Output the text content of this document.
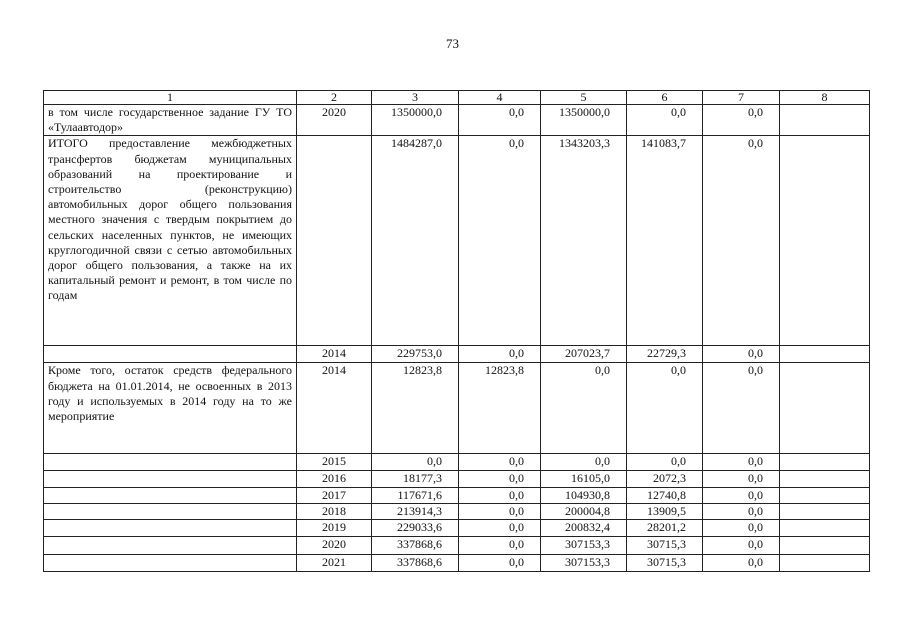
73
1	2	3	4	5	6	7	8
в том числе государственное задание ГУ ТО «Тулаавтодор»	2020	1350000,0	0,0	1350000,0	0,0	0,0	

ИТОГО предоставление межбюджетных трансфертов бюджетам муниципальных образований на проектирование и строительство (реконструкцию) автомобильных дорог общего пользования местного значения с твердым покрытием до сельских населенных пунктов, не имеющих круглогодичной связи с сетью автомобильных дорог общего пользования, а также на их капитальный ремонт и ремонт, в том числе по годам		1484287,0	0,0	1343203,3	141083,7	0,0	

	2014	229753,0	0,0	207023,7	22729,3	0,0	

Кроме того, остаток средств федерального бюджета на 01.01.2014, не освоенных в 2013 году и используемых в 2014 году на то же мероприятие	2014	12823,8	12823,8	0,0	0,0	0,0	

	2015	0,0	0,0	0,0	0,0	0,0	

	2016	18177,3	0,0	16105,0	2072,3	0,0	

	2017	117671,6	0,0	104930,8	12740,8	0,0	

	2018	213914,3	0,0	200004,8	13909,5	0,0	

	2019	229033,6	0,0	200832,4	28201,2	0,0	

	2020	337868,6	0,0	307153,3	30715,3	0,0	

	2021	337868,6	0,0	307153,3	30715,3	0,0	
